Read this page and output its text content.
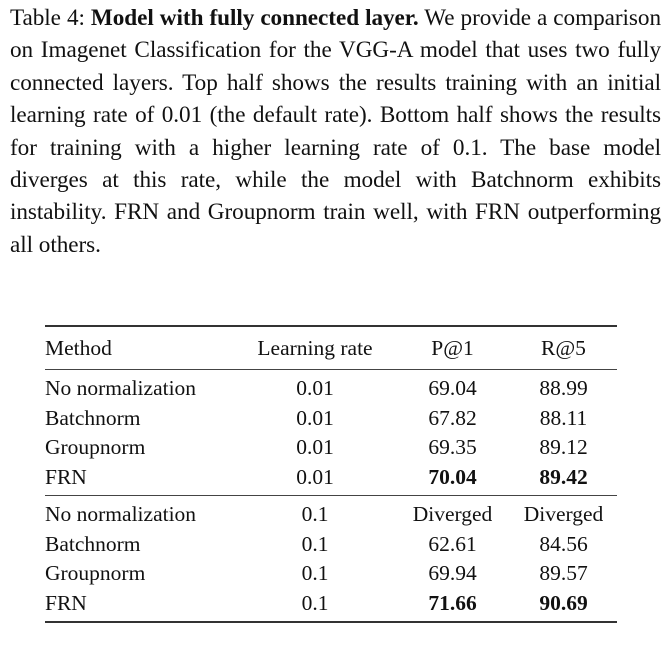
Table 4: Model with fully connected layer. We provide a comparison on Imagenet Classification for the VGG-A model that uses two fully connected layers. Top half shows the results training with an initial learning rate of 0.01 (the default rate). Bottom half shows the results for training with a higher learning rate of 0.1. The base model diverges at this rate, while the model with Batchnorm exhibits instability. FRN and Groupnorm train well, with FRN outperforming all others.
Method	Learning rate	P@1	R@5
No normalization	0.01	69.04	88.99
Batchnorm	0.01	67.82	88.11
Groupnorm	0.01	69.35	89.12
FRN	0.01	70.04	89.42
No normalization	0.1	Diverged	Diverged
Batchnorm	0.1	62.61	84.56
Groupnorm	0.1	69.94	89.57
FRN	0.1	71.66	90.69
